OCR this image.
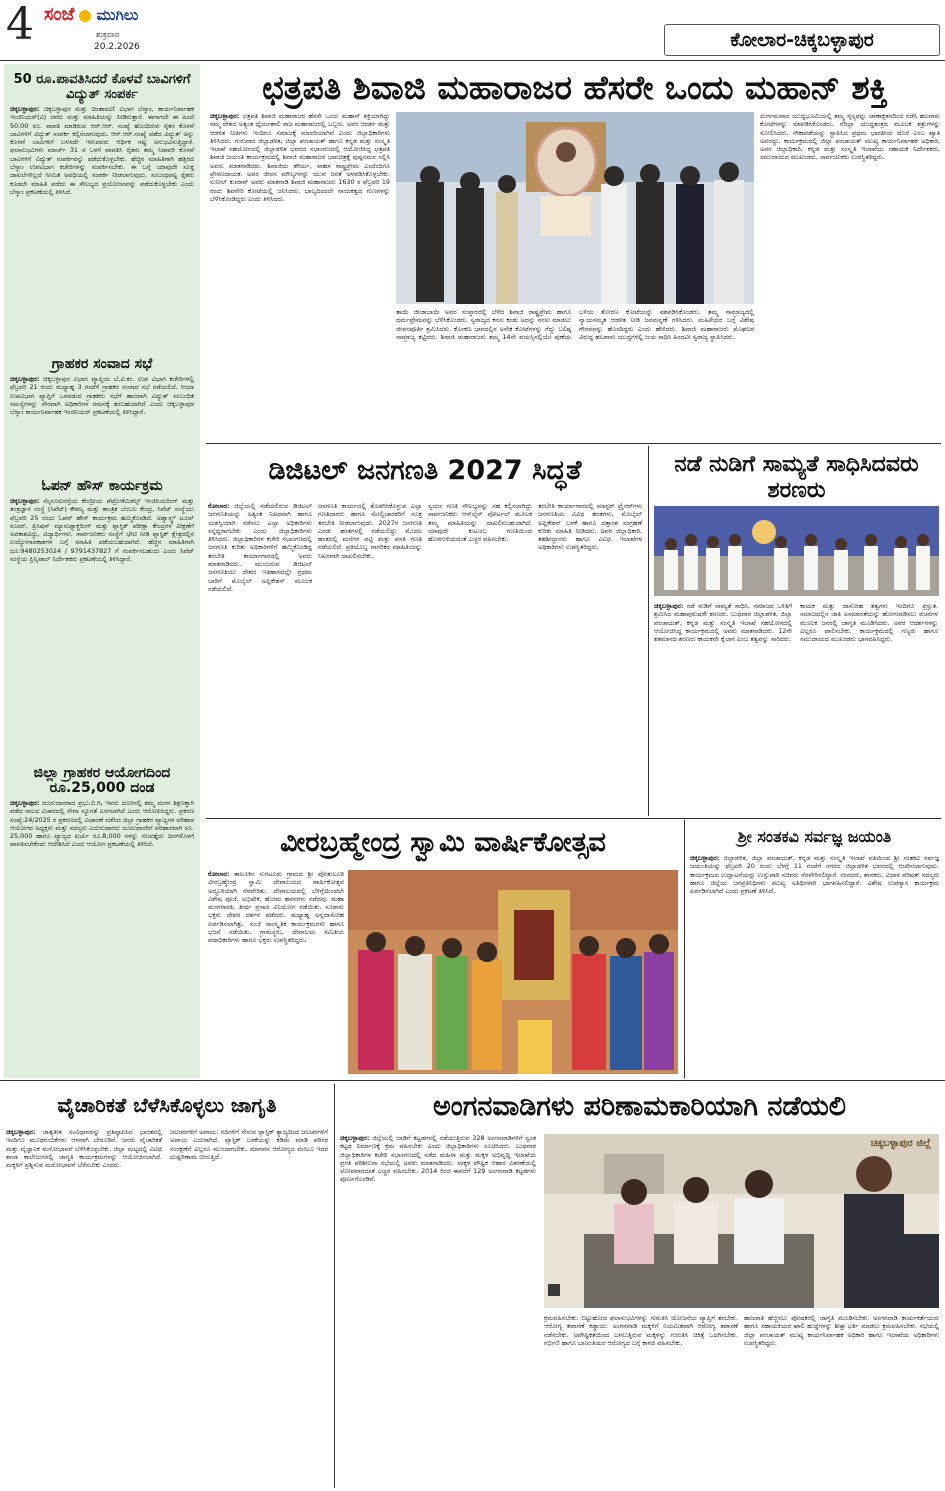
4 ಸಂಜೆ ಮುಗಿಲು
ಶುಕ್ರವಾರ
20.2.2026	ಕೋಲಾರ-ಚಿಕ್ಕಬಳ್ಳಾಪುರ
50 ರೂ.ಪಾವತಿಸಿದರೆ ಕೊಳವೆ ಬಾವಿಗಳಿಗೆ ವಿದ್ಯುತ್ ಸಂಪರ್ಕ
ಚಿಕ್ಕಬಳ್ಳಾಪುರ: ಚಿಕ್ಕಬಳ್ಳಾಪುರ ಮತ್ತು ಚಿಂತಾಮಣಿ ವಿಭಾಗ ಬೆಸ್ಕಾಂ, ಕಾರ್ಯನಿರ್ವಾಹಕ ಇಂಜಿನಿಯರ್(ವಿ) ರವರು ಮತ್ತು ಮಾಹಿತಿಯನ್ನು ನೀಡಿರುತ್ತಾರೆ. ಈಗಾಗಲೇ ಈ ಹಿಂದೆ 50.00 ರೂ. ಪಾವತಿ ಮಾಡಿರುವ ಆರ್.ಆರ್. ಸಂಖ್ಯೆ ಹೊಂದಿರುವ ರೈತರ ಕೊಳವೆ ಬಾವಿಗಳಿಗೆ ವಿದ್ಯುತ್ ಸಂಪರ್ಕ ಕಲ್ಪಿಸಲಾಗುವುದು. ಆರ್.ಆರ್.ಸಂಖ್ಯೆ ಪಡೆದ ವಿದ್ಯುತ್ ಅನ್ನು ಕೊಳವೆ ಬಾವಿಗಳಿಗೆ ಬಳಸದೇ ಇರುವವರು ಆರ್ಥಿಕ ನಷ್ಟ ಅನುಭವಿಸುತ್ತಿದ್ದಾರೆ. ಫಲಾನುಭವಿಗಳು ಮಾರ್ಚ್ 31 ರ ಒಳಗೆ ಪಾವತಿಸಿ ರೈತರು ತಮ್ಮ ನಿರಾವರಿ ಕೊಳವೆ ಬಾವಿಗಳಿಗೆ ವಿದ್ಯುತ್ ಸಂಪರ್ಕವನ್ನು ಪಡೆದುಕೊಳ್ಳಬೇಕು. ಹೆಚ್ಚಿನ ಮಾಹಿತಿಗಾಗಿ ಹತ್ತಿರದ ಬೆಸ್ಕಾಂ ಉಪವಿಭಾಗ ಕಚೇರಿಗಳನ್ನು ಸಂಪರ್ಕಿಸಬೇಕು. ಈ ಬಗ್ಗೆ ಯಾವುದೇ ಸೂಕ್ತ ದಾಖಲೆಗಳಿಲ್ಲದೆ ಸೀಮಿತ ಅವಧಿಯಲ್ಲಿ ಸಂಪರ್ಕ ನೀಡಲಾಗುವುದು. ಸಂಬಂಧಪಟ್ಟ ರೈತರು ಕೂಡಲೇ ಮಾಹಿತಿ ಪಡೆದು ಈ ಸೌಲಭ್ಯದ ಪ್ರಯೋಜನವನ್ನು ಪಡೆದುಕೊಳ್ಳಬೇಕು ಎಂದು ಬೆಸ್ಕಾಂ ಪ್ರಕಟಣೆಯಲ್ಲಿ ತಿಳಿಸಿದೆ.
ಗ್ರಾಹಕರ ಸಂವಾದ ಸಭೆ
ಚಿಕ್ಕಬಳ್ಳಾಪುರ: ಚಿಕ್ಕಬಳ್ಳಾಪುರ ವಿಭಾಗ ವ್ಯಾಪ್ತಿಯ ಬೆ.ವಿ.ಕಂ. ಉಪ ವಿಭಾಗ ಕಚೇರಿಗಳಲ್ಲಿ ಫೆಬ್ರವರಿ 21 ರಂದು ಮಧ್ಯಾಹ್ನ 3 ಗಂಟೆಗೆ ಗ್ರಾಹಕರ ಸಂವಾದ ಸಭೆ ನಡೆಯಲಿದೆ. ಆಯಾ ಉಪವಿಭಾಗ ವ್ಯಾಪ್ತಿಗೆ ಒಳಪಡುವ ಗ್ರಾಹಕರು ಸಭೆಗೆ ಹಾಜರಾಗಿ ವಿದ್ಯುತ್ ಸಂಬಂಧಿತ ಸಮಸ್ಯೆಗಳನ್ನು ನೇರವಾಗಿ ಅಧಿಕಾರಿಗಳ ಗಮನಕ್ಕೆ ತರಬಹುದಾಗಿದೆ ಎಂದು ಚಿಕ್ಕಬಳ್ಳಾಪುರ ಬೆಸ್ಕಾಂ ಕಾರ್ಯನಿರ್ವಾಹಕ ಇಂಜಿನಿಯರ್ ಪ್ರಕಟಣೆಯಲ್ಲಿ ತಿಳಿಸಿದ್ದಾರೆ.
ಓಪನ್ ಹೌಸ್ ಕಾರ್ಯಕ್ರಮ
ಚಿಕ್ಕಬಳ್ಳಾಪುರ: ಮೈಸೂರುರಸ್ತೆಯ ಕೇಂದ್ರೀಯ ಪೆಟ್ರೋಕೆಮಿಕಲ್ಸ್ ಇಂಜಿನಿಯರಿಂಗ್ ಮತ್ತು ತಂತ್ರಜ್ಞಾನ ಸಂಸ್ಥೆ (ಸಿಪೆಟ್) ಕೌಶಲ್ಯ ಮತ್ತು ತಾಂತ್ರಿಕ ಬೆಂಬಲ ಕೇಂದ್ರ, ಸಿಪೆಟ್ ಸಂಸ್ಥೆಯು ಫೆಬ್ರವರಿ 25 ರಂದು ಓಪನ್ ಹೌಸ್ ಕಾರ್ಯಕ್ರಮ ಹಮ್ಮಿಕೊಂಡಿದೆ. ಅಡ್ವಾನ್ಸ್ಡ್ ಟೂಲ್ ರೂಮ್, ಪ್ರಿಸಿಷನ್ ಮ್ಯಾನುಫ್ಯಾಕ್ಚರಿಂಗ್ ಮತ್ತು ಪ್ಲಾಸ್ಟಿಕ್ ಪರೀಕ್ಷಾ ಕೇಂದ್ರಗಳ ವೀಕ್ಷಣೆಗೆ ಅವಕಾಶವಿದ್ದು, ವಿದ್ಯಾರ್ಥಿಗಳು, ಸಾರ್ವಜನಿಕರು ಸಂಸ್ಥೆಗೆ ಭೇಟಿ ನೀಡಿ ಪ್ಲಾಸ್ಟಿಕ್ ಕ್ಷೇತ್ರದಲ್ಲಿನ ಉದ್ಯೋಗಾವಕಾಶಗಳ ಬಗ್ಗೆ ಮಾಹಿತಿ ಪಡೆಯಬಹುದಾಗಿದೆ. ಹೆಚ್ಚಿನ ಮಾಹಿತಿಗಾಗಿ ದೂ:9480253024 / 9791437827 ಗೆ ಸಂಪರ್ಕಿಸಬಹುದು ಎಂದು ಸಿಪೆಟ್ ಸಂಸ್ಥೆಯ ಪ್ರಿನ್ಸಿಪಾಲ್ ನಿರ್ದೇಶಕರು ಪ್ರಕಟಣೆಯಲ್ಲಿ ತಿಳಿಸಿದ್ದಾರೆ.
ಜಿಲ್ಲಾ ಗ್ರಾಹಕರ ಆಯೋಗದಿಂದ ರೂ.25,000 ದಂಡ
ಚಿಕ್ಕಬಳ್ಳಾಪುರ: ದೂರುದಾರರಾದ ಪ್ರಭು.ಬಿ.ಗಿ, ಇವರು ದೂರಿನಲ್ಲಿ ತಮ್ಮ ಮಗನ ಶಿಕ್ಷಣಕ್ಕಾಗಿ ಪಡೆದ ಸಾಲದ ವಿಚಾರದಲ್ಲಿ ಸೇವಾ ನ್ಯೂನತೆ ಎಸಗಲಾಗಿದೆ ಎಂದು ಆರೋಪಿಸಿದ್ದರು. ಪ್ರಕರಣ ಸಂಖ್ಯೆ:24/2025 ರ ಪ್ರಕರಣದಲ್ಲಿ ವಿಚಾರಣೆ ನಡೆಸಿದ ಜಿಲ್ಲಾ ಗ್ರಾಹಕರ ವ್ಯಾಜ್ಯಗಳ ಪರಿಹಾರ ಆಯೋಗದ ಅಧ್ಯಕ್ಷರು ಮತ್ತು ಸದಸ್ಯರು ಎದುರುದಾರರು ದೂರುದಾರರಿಗೆ ಪರಿಹಾರವಾಗಿ ರೂ. 25,000 ಹಾಗೂ ವ್ಯಾಜ್ಯದ ಖರ್ಚು ರೂ.8,000 ಗಳನ್ನು ನಲವತ್ತೈದು ದಿನಗಳೊಳಗೆ ಪಾವತಿಸಬೇಕೆಂದು ಆದೇಶಿಸಿದೆ ಎಂದು ಆಯೋಗ ಪ್ರಕಟಣೆಯಲ್ಲಿ ತಿಳಿಸಿದೆ.
ಛತ್ರಪತಿ ಶಿವಾಜಿ ಮಹಾರಾಜರ ಹೆಸರೇ ಒಂದು ಮಹಾನ್ ಶಕ್ತಿ
ಚಿಕ್ಕಬಳ್ಳಾಪುರ: ಛತ್ರಪತಿ ಶಿವಾಜಿ ಮಹಾರಾಜರ ಹೆಸರೇ ಒಂದು ಮಹಾನ್ ಶಕ್ತಿಯಾಗಿದ್ದು ನಮ್ಮ ದೇಶದ ಅತ್ಯಂತ ಧೈರ್ಯಶಾಲಿ ರಾಜ ಮಹಾರಾಜರಲ್ಲಿ ಒಬ್ಬರು. ಅವರ ಆದರ್ಶ ಮತ್ತು ಆಡಳಿತ ನೀತಿಗಳು ಇಂದಿಗೂ ಸಮಾಜಕ್ಕೆ ಮಾದರಿಯಾಗಿವೆ ಎಂದು ಜಿಲ್ಲಾಧಿಕಾರಿಗಳು ತಿಳಿಸಿದರು. ಗುರುವಾರ ಜಿಲ್ಲಾಡಳಿತ, ಜಿಲ್ಲಾ ಪಂಚಾಯತ್ ಹಾಗೂ ಕನ್ನಡ ಮತ್ತು ಸಂಸ್ಕೃತಿ ಇಲಾಖೆ ಸಹಯೋಗದಲ್ಲಿ ಜಿಲ್ಲಾಡಳಿತ ಭವನದ ಸಭಾಂಗಣದಲ್ಲಿ ಆಯೋಜಿಸಿದ್ದ ಛತ್ರಪತಿ ಶಿವಾಜಿ ಜಯಂತಿ ಕಾರ್ಯಕ್ರಮದಲ್ಲಿ ಶಿವಾಜಿ ಮಹಾರಾಜರ ಭಾವಚಿತ್ರಕ್ಕೆ ಪುಷ್ಪನಮನ ಸಲ್ಲಿಸಿ ಅವರು ಮಾತನಾಡಿದರು. ಶಿವಾಜಿಯ ಶೌರ್ಯ, ಸಾಹಸ ರಾಷ್ಟ್ರಪ್ರೇಮ ಎಂದೆಂದಿಗೂ ಪ್ರೇರಣದಾಯಕ. ಅವರ ಜೀವನ ಮೌಲ್ಯಗಳನ್ನು ಯುವ ಜನತೆ ಅಳವಡಿಸಿಕೊಳ್ಳಬೇಕು. ಸುನೀಲ್ ಕುಮಾರ್ ಅವರು ಮಾತನಾಡಿ ಶಿವಾಜಿ ಮಹಾರಾಜರು 1630 ರ ಫೆಬ್ರವರಿ 19 ರಂದು ಶಿವನೇರಿ ಕೋಟೆಯಲ್ಲಿ ಜನಿಸಿದರು. ಬಾಲ್ಯದಿಂದಲೇ ನಾಯಕತ್ವದ ಗುಣಗಳನ್ನು ಬೆಳೆಸಿಕೊಂಡಿದ್ದರು ಎಂದು ತಿಳಿಸಿದರು.
ತಾಯಿ ಜೀಜಾಬಾಯಿ ಅವರ ಸಂಸ್ಕಾರದಲ್ಲಿ ಬೆಳೆದ ಶಿವಾಜಿ ರಾಷ್ಟ್ರಪ್ರೇಮ ಹಾಗೂ ಧರ್ಮಪ್ರೇಮವನ್ನು ಬೆಳೆಸಿಕೊಂಡರು. ಸ್ವರಾಜ್ಯದ ಕನಸು ಕಂಡು ಅದನ್ನು ನನಸು ಮಾಡಲು ಜೀವನಪೂರ್ತಿ ಶ್ರಮಿಸಿದರು. ಕೊಂಕಣ ಭಾಗದಲ್ಲಿನ ಅನೇಕ ಕೋಟೆಗಳನ್ನು ಗೆದ್ದು ಬಲಿಷ್ಠ ಸಾಮ್ರಾಜ್ಯ ಕಟ್ಟಿದರು. ಶಿವಾಜಿ ಮಹಾರಾಜರು ತಮ್ಮ 14ನೇ ವಯಸ್ಸಿನಲ್ಲಿಯೇ ಪುಣೆಯ ಬಳಿಯ ತೋರಣ ಕೋಟೆಯನ್ನು ವಶಪಡಿಸಿಕೊಂಡರು. ತಮ್ಮ ಸಾಮ್ರಾಜ್ಯದಲ್ಲಿ ನ್ಯಾಯಸಮ್ಮತ ಆಡಳಿತ ನೀಡಿ ಜನಮನ್ನಣೆ ಗಳಿಸಿದರು. ಮಹಿಳೆಯರ ಬಗ್ಗೆ ವಿಶೇಷ ಗೌರವವನ್ನು ಹೊಂದಿದ್ದರು ಎಂದು ಹೇಳಿದರು. ಶಿವಾಜಿ ಮಹಾರಾಜರು ಮೊಘಲರ ವಿರುದ್ಧ ಹಲವಾರು ಯುದ್ಧಗಳಲ್ಲಿ ಜಯ ಸಾಧಿಸಿ ಹಿಂದವೀ ಸ್ವರಾಜ್ಯ ಸ್ಥಾಪಿಸಿದರು.
ದುರ್ಗಮವಾದ ಯುದ್ಧಭೂಮಿಯಲ್ಲಿ ತಮ್ಮ ಸೈನ್ಯವನ್ನು ಚಾಣಾಕ್ಷತನದಿಂದ ನಡೆಸಿ ಹಲವಾರು ಕೋಟೆಗಳನ್ನು ವಶಪಡಿಸಿಕೊಂಡರು. ಗೆರಿಲ್ಲಾ ಯುದ್ಧತಂತ್ರದ ಮೂಲಕ ಶತ್ರುಗಳನ್ನು ಸೋಲಿಸಿದರು. ನೌಕಾಪಡೆಯನ್ನು ಸ್ಥಾಪಿಸಿದ ಪ್ರಥಮ ಭಾರತೀಯ ದೊರೆ ಎಂಬ ಖ್ಯಾತಿ ಅವರದ್ದು. ಕಾರ್ಯಕ್ರಮದಲ್ಲಿ ಜಿಲ್ಲಾ ಪಂಚಾಯತ್ ಮುಖ್ಯ ಕಾರ್ಯನಿರ್ವಾಹಕ ಅಧಿಕಾರಿ, ಅಪರ ಜಿಲ್ಲಾಧಿಕಾರಿ, ಕನ್ನಡ ಮತ್ತು ಸಂಸ್ಕೃತಿ ಇಲಾಖೆಯ ಸಹಾಯಕ ನಿರ್ದೇಶಕರು, ಸಮುದಾಯದ ಮುಖಂಡರು, ಸಾರ್ವಜನಿಕರು ಉಪಸ್ಥಿತರಿದ್ದರು.
ಡಿಜಿಟಲ್ ಜನಗಣತಿ 2027 ಸಿದ್ಧತೆ
ಕೋಲಾರ: ಜಿಲ್ಲೆಯಲ್ಲಿ ನಡೆಯಲಿರುವ ಡಿಜಿಟಲ್ ಜನಗಣತಿಯನ್ನು ಅತ್ಯಂತ ನಿಖರವಾಗಿ ಹಾಗೂ ಯಶಸ್ವಿಯಾಗಿ ನಡೆಸಲು ಎಲ್ಲಾ ಅಧಿಕಾರಿಗಳು ಸನ್ನದ್ಧರಾಗಬೇಕು ಎಂದು ಜಿಲ್ಲಾಧಿಕಾರಿಗಳು ತಿಳಿಸಿದರು. ಜಿಲ್ಲಾಧಿಕಾರಿಗಳ ಕಚೇರಿ ಸಭಾಂಗಣದಲ್ಲಿ ಜನಗಣತಿ ಕುರಿತು ಅಧಿಕಾರಿಗಳಿಗೆ ಹಮ್ಮಿಕೊಂಡಿದ್ದ ತರಬೇತಿ ಕಾರ್ಯಾಗಾರದಲ್ಲಿ ಅವರು ಮಾತನಾಡಿದರು. ಮುಂಬರುವ ಡಿಜಿಟಲ್ ಜನಗಣತಿಯು ದೇಶದ ಇತಿಹಾಸದಲ್ಲೇ ಪ್ರಥಮ ಬಾರಿಗೆ ಮೊಬೈಲ್ ಅಪ್ಲಿಕೇಶನ್ ಮೂಲಕ ನಡೆಯಲಿದೆ.
ಜನಗಣತಿ ಕಾರ್ಯದಲ್ಲಿ ತೊಡಗಿಸಿಕೊಳ್ಳುವ ಎಲ್ಲಾ ಗಣತಿದಾರರು ಹಾಗೂ ಮೇಲ್ವಿಚಾರಕರಿಗೆ ಸೂಕ್ತ ತರಬೇತಿ ನೀಡಲಾಗುವುದು. 2027ರ ಜನಗಣತಿ ಎರಡು ಹಂತಗಳಲ್ಲಿ ನಡೆಯಲಿದ್ದು ಮೊದಲ ಹಂತದಲ್ಲಿ ಮನೆಗಳ ಪಟ್ಟಿ ಮತ್ತು ವಸತಿ ಗಣತಿ ನಡೆಯಲಿದೆ. ಪ್ರತಿಯೊಬ್ಬ ನಾಗರಿಕರ ಮಾಹಿತಿಯನ್ನು ನಿಖರವಾಗಿ ದಾಖಲಿಸಬೇಕು.
ಸ್ವಯಂ ಗಣತಿ ಸೌಲಭ್ಯವನ್ನು ಸಹ ಕಲ್ಪಿಸಲಾಗಿದ್ದು ಸಾರ್ವಜನಿಕರು ಆನ್‌ಲೈನ್ ಪೋರ್ಟಲ್ ಮೂಲಕ ತಮ್ಮ ಮಾಹಿತಿಯನ್ನು ದಾಖಲಿಸಬಹುದಾಗಿದೆ. ಯಾವುದೇ ಕುಟುಂಬ ಗಣತಿಯಿಂದ ಹೊರಗುಳಿಯದಂತೆ ಎಚ್ಚರ ವಹಿಸಬೇಕು.
ತರಬೇತಿ ಕಾರ್ಯಾಗಾರದಲ್ಲಿ ಮಾಸ್ಟರ್ ಟ್ರೈನರ್‌ಗಳು ಜನಗಣತಿಯ ವಿವಿಧ ಹಂತಗಳು, ಮೊಬೈಲ್ ಅಪ್ಲಿಕೇಶನ್ ಬಳಕೆ ಹಾಗೂ ದತ್ತಾಂಶ ಸಂಗ್ರಹಣೆ ಕುರಿತು ಮಾಹಿತಿ ನೀಡಿದರು. ಅಪರ ಜಿಲ್ಲಾಧಿಕಾರಿ, ತಹಶೀಲ್ದಾರರು ಹಾಗೂ ವಿವಿಧ ಇಲಾಖೆಗಳ ಅಧಿಕಾರಿಗಳು ಉಪಸ್ಥಿತರಿದ್ದರು.
ನಡೆ ನುಡಿಗೆ ಸಾಮ್ಯತೆ ಸಾಧಿಸಿದವರು ಶರಣರು
ಚಿಕ್ಕಬಳ್ಳಾಪುರ: ನಡೆ ನುಡಿಗೆ ಸಾಮ್ಯತೆ ಸಾಧಿಸಿ, ಸಮಾಜದ ಒಳಿತಿಗೆ ಶ್ರಮಿಸಿದ ಮಹಾಪುರುಷರೇ ಶರಣರು. ಬುಧವಾರ ಜಿಲ್ಲಾಡಳಿತ, ಜಿಲ್ಲಾ ಪಂಚಾಯತ್, ಕನ್ನಡ ಮತ್ತು ಸಂಸ್ಕೃತಿ ಇಲಾಖೆ ಸಹಯೋಗದಲ್ಲಿ ಆಯೋಜಿಸಿದ್ದ ಕಾರ್ಯಕ್ರಮದಲ್ಲಿ ಅವರು ಮಾತನಾಡಿದರು. 12ನೇ ಶತಮಾನದ ಶರಣರು ಕಾಯಕವೇ ಕೈಲಾಸ ಎಂಬ ತತ್ವವನ್ನು ಸಾರಿದರು.
ಕಾಯಕ ಮತ್ತು ದಾಸೋಹ ತತ್ವಗಳು ಇಂದಿಗೂ ಪ್ರಸ್ತುತ. ಸಮಾಜದಲ್ಲಿನ ಜಾತಿ ಅಸಮಾನತೆಯನ್ನು ಹೋಗಲಾಡಿಸಲು ವಚನಗಳ ಮೂಲಕ ಜನರಲ್ಲಿ ಜಾಗೃತಿ ಮೂಡಿಸಿದರು. ಅವರ ಆದರ್ಶಗಳನ್ನು ಎಲ್ಲರೂ ಪಾಲಿಸಬೇಕು. ಕಾರ್ಯಕ್ರಮದಲ್ಲಿ ಗಣ್ಯರು ಹಾಗೂ ಸಮುದಾಯದ ಮುಖಂಡರು ಭಾಗವಹಿಸಿದ್ದರು.
ವೀರಬ್ರಹ್ಮೇಂದ್ರ ಸ್ವಾಮಿ ವಾರ್ಷಿಕೋತ್ಸವ
ಕೋಲಾರ: ತಾಲೂಕಿನ ಸುಗಟೂರು ಗ್ರಾಮದ ಶ್ರೀ ಪೋತುಲೂರಿ ವೀರಬ್ರಹ್ಮೇಂದ್ರ ಸ್ವಾಮಿ ದೇವಾಲಯದ ವಾರ್ಷಿಕೋತ್ಸವ ಅದ್ಧೂರಿಯಾಗಿ ನೆರವೇರಿತು. ದೇವಾಲಯದಲ್ಲಿ ಬೆಳಿಗ್ಗೆಯಿಂದಲೇ ವಿಶೇಷ ಪೂಜೆ, ಅಭಿಷೇಕ, ಹೋಮ ಹವನಗಳು ನಡೆದವು. ಮಹಾ ಮಂಗಳಾರತಿ, ತೀರ್ಥ ಪ್ರಸಾದ ವಿನಿಯೋಗ ನಡೆಯಿತು. ನೂರಾರು ಭಕ್ತರು ದೇವರ ದರ್ಶನ ಪಡೆದರು. ಮಧ್ಯಾಹ್ನ ಅನ್ನದಾಸೋಹ ಏರ್ಪಡಿಸಲಾಗಿತ್ತು. ಸಂಜೆ ಸಾಂಸ್ಕೃತಿಕ ಕಾರ್ಯಕ್ರಮಗಳು ಹಾಗೂ ಭಜನೆ ನಡೆಯಿತು. ಗ್ರಾಮಸ್ಥರು, ದೇವಾಲಯ ಸಮಿತಿಯ ಪದಾಧಿಕಾರಿಗಳು ಹಾಗೂ ಭಕ್ತರು ಉಪಸ್ಥಿತರಿದ್ದರು.
ಶ್ರೀ ಸಂತಕವಿ ಸರ್ವಜ್ಞ ಜಯಂತಿ
ಚಿಕ್ಕಬಳ್ಳಾಪುರ: ಜಿಲ್ಲಾಡಳಿತ, ಜಿಲ್ಲಾ ಪಂಚಾಯತ್, ಕನ್ನಡ ಮತ್ತು ಸಂಸ್ಕೃತಿ ಇಲಾಖೆ ವತಿಯಿಂದ ಶ್ರೀ ಸಂತಕವಿ ಸರ್ವಜ್ಞ ಜಯಂತಿಯನ್ನು ಫೆಬ್ರವರಿ 20 ರಂದು ಬೆಳಗ್ಗೆ 11 ಗಂಟೆಗೆ ನಗರದ ಜಿಲ್ಲಾಡಳಿತ ಭವನದಲ್ಲಿ ಆಚರಿಸಲಾಗುವುದು. ಕಾರ್ಯಕ್ರಮದ ಉದ್ಘಾಟನೆಯನ್ನು ಉಸ್ತುವಾರಿ ಸಚಿವರು ನೆರವೇರಿಸಲಿದ್ದಾರೆ. ಸಂಸದರು, ಶಾಸಕರು, ವಿಧಾನ ಪರಿಷತ್ ಸದಸ್ಯರು ಹಾಗೂ ಜಿಲ್ಲೆಯ ಜನಪ್ರತಿನಿಧಿಗಳು ಮುಖ್ಯ ಅತಿಥಿಗಳಾಗಿ ಭಾಗವಹಿಸಲಿದ್ದಾರೆ. ವಿಶೇಷ ಉಪನ್ಯಾಸ ಕಾರ್ಯಕ್ರಮ ಏರ್ಪಡಿಸಲಾಗಿದೆ ಎಂದು ಪ್ರಕಟಣೆ ತಿಳಿಸಿದೆ.
ವೈಚಾರಿಕತೆ ಬೆಳೆಸಿಕೊಳ್ಳಲು ಜಾಗೃತಿ
ಚಿಕ್ಕಬಳ್ಳಾಪುರ: ಜಾತ್ಯತೀತ ಸಂವಿಧಾನವನ್ನು ಪ್ರತಿಷ್ಠಾಪಿಸಿದ ಭಾರತದಲ್ಲಿ ಇಂದಿಗೂ ಮೂಢನಂಬಿಕೆಗಳು ಆಳವಾಗಿ ಬೇರೂರಿವೆ. ಜನರು ವೈಚಾರಿಕತೆ ಮತ್ತು ವೈಜ್ಞಾನಿಕ ಮನೋಭಾವನೆ ಬೆಳೆಸಿಕೊಳ್ಳಬೇಕು. ಜಿಲ್ಲಾ ಮಟ್ಟದಲ್ಲಿ ವಿವಿಧ ಶಾಲಾ ಕಾಲೇಜುಗಳಲ್ಲಿ ಜಾಗೃತಿ ಕಾರ್ಯಕ್ರಮಗಳನ್ನು ಆಯೋಜಿಸಲಾಗಿದೆ. ಮಕ್ಕಳಿಗೆ ಪ್ರಶ್ನಿಸುವ ಮನೋಭಾವನೆ ಬೆಳೆಸಬೇಕು ಎಂದರು.
ಜಲಚರಗಳಿಗೆ ಅಪಾಯ: ನದಿಗಳಿಗೆ ಸೇರುವ ಪ್ಲಾಸ್ಟಿಕ್ ತ್ಯಾಜ್ಯದಿಂದ ಜಲಚರಗಳಿಗೆ ಅಪಾಯ ಎದುರಾಗಿದೆ. ಪ್ಲಾಸ್ಟಿಕ್ ಬಳಕೆಯನ್ನು ಕಡಿಮೆ ಮಾಡಿ ಪರಿಸರ ಸಂರಕ್ಷಣೆಗೆ ಎಲ್ಲರೂ ಮುಂದಾಗಬೇಕು. ಮಾನವನ ಆರೋಗ್ಯದ ಮೇಲೂ ಇದರ ದುಷ್ಪರಿಣಾಮ ಬೀರುತ್ತಿದೆ.
ಅಂಗನವಾಡಿಗಳು ಪರಿಣಾಮಕಾರಿಯಾಗಿ ನಡೆಯಲಿ
ಚಿಕ್ಕಬಳ್ಳಾಪುರ: ಜಿಲ್ಲೆಯಲ್ಲಿ ಬಾಡಿಗೆ ಕಟ್ಟಡಗಳಲ್ಲಿ ನಡೆಯುತ್ತಿರುವ 328 ಅಂಗನವಾಡಿಗಳಿಗೆ ಸ್ವಂತ ಕಟ್ಟಡ ನಿರ್ಮಾಣಕ್ಕೆ ಕ್ರಮ ವಹಿಸಬೇಕು ಎಂದು ಜಿಲ್ಲಾಧಿಕಾರಿಗಳು ಸೂಚಿಸಿದರು. ಬುಧವಾರ ಜಿಲ್ಲಾಧಿಕಾರಿಗಳ ಕಚೇರಿ ಸಭಾಂಗಣದಲ್ಲಿ ನಡೆದ ಮಹಿಳಾ ಮತ್ತು ಮಕ್ಕಳ ಅಭಿವೃದ್ಧಿ ಇಲಾಖೆಯ ಪ್ರಗತಿ ಪರಿಶೀಲನಾ ಸಭೆಯಲ್ಲಿ ಅವರು ಮಾತನಾಡಿದರು. ಮಕ್ಕಳ ಪೌಷ್ಟಿಕ ಆಹಾರ ವಿತರಣೆಯಲ್ಲಿ ಲೋಪವಾಗದಂತೆ ಎಚ್ಚರ ವಹಿಸಬೇಕು. 2014 ರಿಂದ ಈವರೆಗೆ 129 ಅಂಗನವಾಡಿ ಕಟ್ಟಡಗಳು ಪೂರ್ಣಗೊಂಡಿವೆ.
ಚಿಕ್ಕಬಳ್ಳಾಪುರ ಜಿಲ್ಲೆ
ಕ್ರಮವಹಿಸಬೇಕು. ಬಿಟ್ಟುಹೋದ ಫಲಾನುಭವಿಗಳನ್ನು ಗುರುತಿಸಿ ಯೋಜನೆಯ ವ್ಯಾಪ್ತಿಗೆ ತರಬೇಕು. ಆರೋಗ್ಯ ತಪಾಸಣೆ ಕಡ್ಡಾಯ: ಅಂಗನವಾಡಿ ಮಕ್ಕಳಿಗೆ ನಿಯಮಿತವಾಗಿ ಆರೋಗ್ಯ ತಪಾಸಣೆ ನಡೆಸಬೇಕು. ಅಪೌಷ್ಟಿಕತೆಯಿಂದ ಬಳಲುತ್ತಿರುವ ಮಕ್ಕಳನ್ನು ಗುರುತಿಸಿ ಚಿಕಿತ್ಸೆ ಒದಗಿಸಬೇಕು. ಗರ್ಭಿಣಿ ಹಾಗೂ ಬಾಣಂತಿಯರ ಆರೋಗ್ಯದ ಬಗ್ಗೆ ಕಾಳಜಿ ವಹಿಸಬೇಕು.
ಹಾಜರಾತಿ ಹೆಚ್ಚಿಸಲು ಪೋಷಕರಲ್ಲಿ ಜಾಗೃತಿ ಮೂಡಿಸಬೇಕು. ಅಂಗನವಾಡಿ ಕಾರ್ಯಕರ್ತೆಯರು ಹಾಗೂ ಸಹಾಯಕಿಯರ ಖಾಲಿ ಹುದ್ದೆಗಳನ್ನು ಶೀಘ್ರ ಭರ್ತಿ ಮಾಡಲು ಕ್ರಮವಹಿಸಬೇಕು. ಸಭೆಯಲ್ಲಿ ಜಿಲ್ಲಾ ಪಂಚಾಯತ್ ಮುಖ್ಯ ಕಾರ್ಯನಿರ್ವಾಹಕ ಅಧಿಕಾರಿ ಹಾಗೂ ಇಲಾಖೆಯ ಅಧಿಕಾರಿಗಳು ಉಪಸ್ಥಿತರಿದ್ದರು.
